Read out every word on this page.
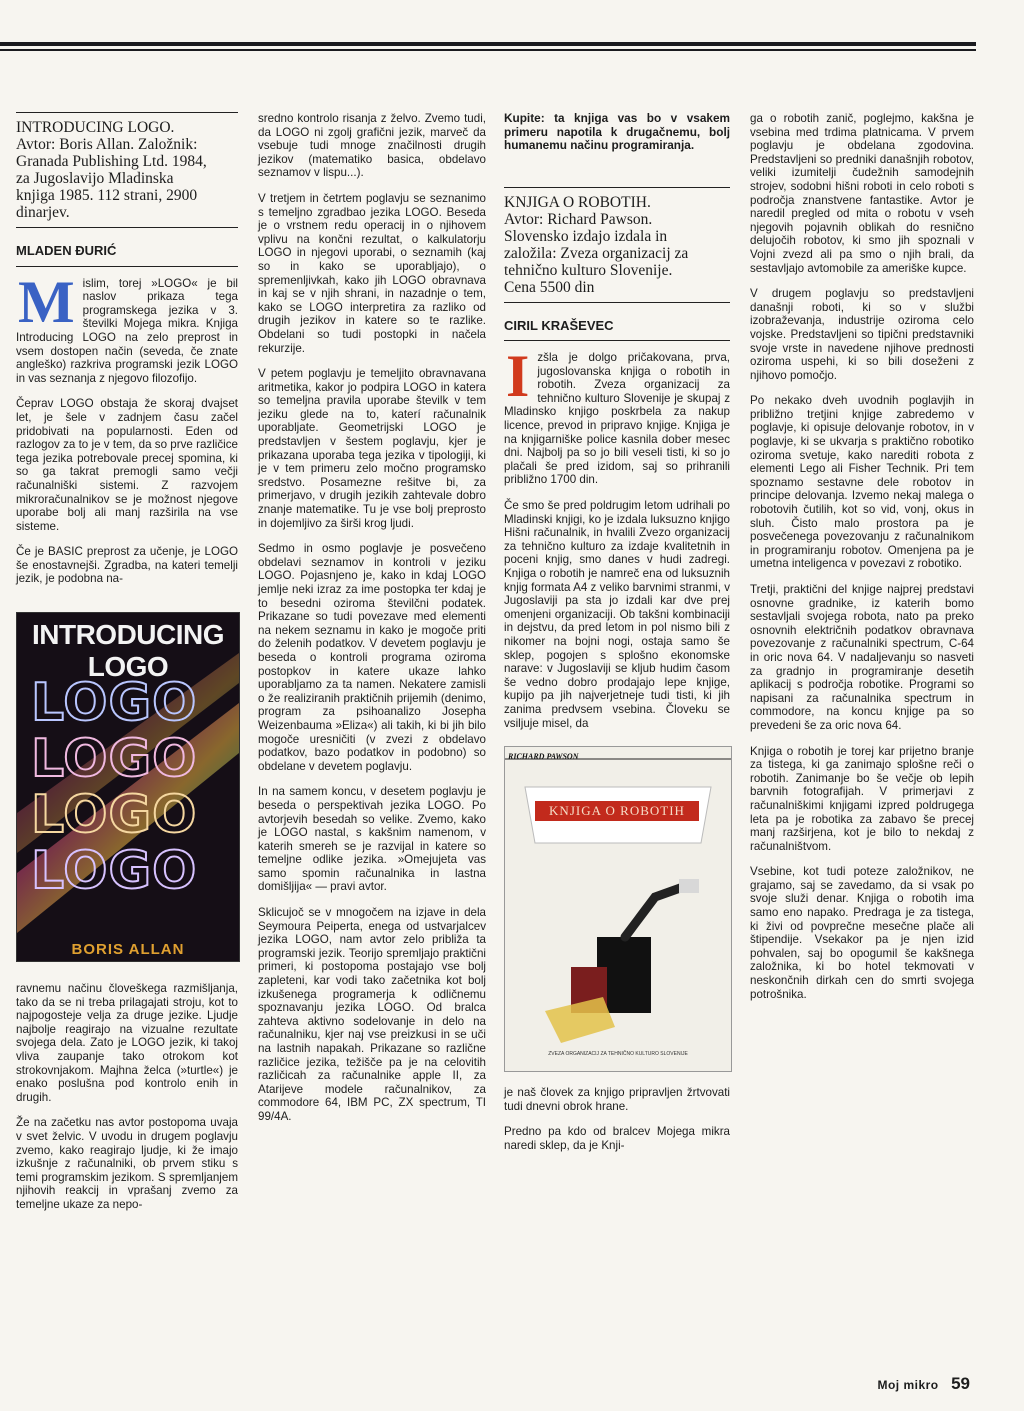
INTRODUCING LOGO.
Avtor: Boris Allan. Založnik:
Granada Publishing Ltd. 1984,
za Jugoslavijo Mladinska
knjiga 1985. 112 strani, 2900
dinarjev.
MLADEN ĐURIĆ

Mislim, torej »LOGO« je bil naslov prikaza tega programskega jezika v 3. številki Mojega mikra. Knjiga Introducing LOGO na zelo preprost in vsem dostopen način (seveda, če znate angleško) razkriva programski jezik LOGO in vas seznanja z njegovo filozofijo.

Čeprav LOGO obstaja že skoraj dvajset let, je šele v zadnjem času začel pridobivati na popularnosti. Eden od razlogov za to je v tem, da so prve različice tega jezika potrebovale precej spomina, ki so ga takrat premogli samo večji računalniški sistemi. Z razvojem mikroračunalnikov se je možnost njegove uporabe bolj ali manj razširila na vse sisteme.

Če je BASIC preprost za učenje, je LOGO še enostavnejši. Zgradba, na kateri temelji jezik, je podobna na-

INTRODUCING
LOGO
LOGO
LOGO
LOGO
LOGO
BORIS ALLAN

ravnemu načinu človeškega razmišljanja, tako da se ni treba prilagajati stroju, kot to najpogosteje velja za druge jezike. Ljudje najbolje reagirajo na vizualne rezultate svojega dela. Zato je LOGO jezik, ki takoj vliva zaupanje tako otrokom kot strokovnjakom. Majhna želca (»turtle«) je enako poslušna pod kontrolo enih in drugih.

Že na začetku nas avtor postopoma uvaja v svet želvic. V uvodu in drugem poglavju zvemo, kako reagirajo ljudje, ki že imajo izkušnje z računalniki, ob prvem stiku s temi programskim jezikom. S spremljanjem njihovih reakcij in vprašanj zvemo za temeljne ukaze za nepo-

sredno kontrolo risanja z želvo. Zvemo tudi, da LOGO ni zgolj grafični jezik, marveč da vsebuje tudi mnoge značilnosti drugih jezikov (matematiko basica, obdelavo seznamov v lispu...).

V tretjem in četrtem poglavju se seznanimo s temeljno zgradbao jezika LOGO. Beseda je o vrstnem redu operacij in o njihovem vplivu na končni rezultat, o kalkulatorju LOGO in njegovi uporabi, o seznamih (kaj so in kako se uporabljajo), o spremenljivkah, kako jih LOGO obravnava in kaj se v njih shrani, in nazadnje o tem, kako se LOGO interpretira za razliko od drugih jezikov in katere so te razlike. Obdelani so tudi postopki in načela rekurzije.

V petem poglavju je temeljito obravnavana aritmetika, kakor jo podpira LOGO in katera so temeljna pravila uporabe številk v tem jeziku glede na to, katerí računalnik uporabljate. Geometrijski LOGO je predstavljen v šestem poglavju, kjer je prikazana uporaba tega jezika v tipologiji, ki je v tem primeru zelo močno programsko sredstvo. Posamezne rešitve bi, za primerjavo, v drugih jezikih zahtevale dobro znanje matematike. Tu je vse bolj preprosto in dojemljivo za širši krog ljudi.

Sedmo in osmo poglavje je posvečeno obdelavi seznamov in kontroli v jeziku LOGO. Pojasnjeno je, kako in kdaj LOGO jemlje neki izraz za ime postopka ter kdaj je to besedni oziroma številčni podatek. Prikazane so tudi povezave med elementi na nekem seznamu in kako je mogoče priti do želenih podatkov. V devetem poglavju je beseda o kontroli programa oziroma postopkov in katere ukaze lahko uporabljamo za ta namen. Nekatere zamisli o že realiziranih praktičnih prijemih (denimo, program za psihoanalizo Josepha Weizenbauma »Eliza«) ali takih, ki bi jih bilo mogoče uresničiti (v zvezi z obdelavo podatkov, bazo podatkov in podobno) so obdelane v devetem poglavju.

In na samem koncu, v desetem poglavju je beseda o perspektivah jezika LOGO. Po avtorjevih besedah so velike. Zvemo, kako je LOGO nastal, s kakšnim namenom, v katerih smereh se je razvijal in katere so temeljne odlike jezika. »Omejujeta vas samo spomin računalnika in lastna domišljija« — pravi avtor.

Sklicujoč se v mnogočem na izjave in dela Seymoura Peiperta, enega od ustvarjalcev jezika LOGO, nam avtor zelo približa ta programski jezik. Teorijo spremljajo praktični primeri, ki postopoma postajajo vse bolj zapleteni, kar vodi tako začetnika kot bolj izkušenega programerja k odličnemu spoznavanju jezika LOGO. Od bralca zahteva aktivno sodelovanje in delo na računalniku, kjer naj vse preizkusi in se uči na lastnih napakah. Prikazane so različne različice jezika, težišče pa je na celovitih različicah za računalnike apple II, za Atarijeve modele računalnikov, za commodore 64, IBM PC, ZX spectrum, TI 99/4A.

Kupite: ta knjiga vas bo v vsakem primeru napotila k drugačnemu, bolj humanemu načinu programiranja.
KNJIGA O ROBOTIH.
Avtor: Richard Pawson.
Slovensko izdajo izdala in
založila: Zveza organizacij za
tehnično kulturo Slovenije.
Cena 5500 din
CIRIL KRAŠEVEC

Izšla je dolgo pričakovana, prva, jugoslovanska knjiga o robotih in robotih. Zveza organizacij za tehnično kulturo Slovenije je skupaj z Mladinsko knjigo poskrbela za nakup licence, prevod in pripravo knjige. Knjiga je na knjigarniške police kasnila dober mesec dni. Najbolj pa so jo bili veseli tisti, ki so jo plačali še pred izidom, saj so prihranili približno 1700 din.

Če smo še pred poldrugim letom udrihali po Mladinski knjigi, ko je izdala luksuzno knjigo Hišni računalnik, in hvalili Zvezo organizacij za tehnično kulturo za izdaje kvalitetnih in poceni knjig, smo danes v hudi zadregi. Knjiga o robotih je namreč ena od luksuznih knjig formata A4 z veliko barvnimi stranmi, v Jugoslaviji pa sta jo izdali kar dve prej omenjeni organizaciji. Ob takšni kombinaciji in dejstvu, da pred letom in pol nismo bili z nikomer na bojni nogi, ostaja samo še sklep, pogojen s splošno ekonomske narave: v Jugoslaviji se kljub hudim časom še vedno dobro prodajajo lepe knjige, kupijo pa jih najverjetneje tudi tisti, ki jih zanima predvsem vsebina. Človeku se vsiljuje misel, da

RICHARD PAWSON
KNJIGA O ROBOTIH
ZVEZA ORGANIZACIJ ZA TEHNIČNO KULTURO SLOVENIJE

je naš človek za knjigo pripravljen žrtvovati tudi dnevni obrok hrane.

Predno pa kdo od bralcev Mojega mikra naredi sklep, da je Knji-

ga o robotih zanič, poglejmo, kakšna je vsebina med trdima platnicama. V prvem poglavju je obdelana zgodovina. Predstavljeni so predniki današnjih robotov, veliki izumitelji čudežnih samodejnih strojev, sodobni hišni roboti in celo roboti s področja znanstvene fantastike. Avtor je naredil pregled od mita o robotu v vseh njegovih pojavnih oblikah do resnično delujočih robotov, ki smo jih spoznali v Vojni zvezd ali pa smo o njih brali, da sestavljajo avtomobile za ameriške kupce.

V drugem poglavju so predstavljeni današnji roboti, ki so v službi izobraževanja, industrije oziroma celo vojske. Predstavljeni so tipični predstavniki svoje vrste in navedene njihove prednosti oziroma uspehi, ki so bili doseženi z njihovo pomočjo.

Po nekako dveh uvodnih poglavjih in približno tretjini knjige zabredemo v poglavje, ki opisuje delovanje robotov, in v poglavje, ki se ukvarja s praktično robotiko oziroma svetuje, kako narediti robota z elementi Lego ali Fisher Technik. Pri tem spoznamo sestavne dele robotov in principe delovanja. Izvemo nekaj malega o robotovih čutilih, kot so vid, vonj, okus in sluh. Čisto malo prostora pa je posvečenega povezovanju z računalnikom in programiranju robotov. Omenjena pa je umetna inteligenca v povezavi z robotiko.

Tretji, praktični del knjige najprej predstavi osnovne gradnike, iz katerih bomo sestavljali svojega robota, nato pa preko osnovnih električnih podatkov obravnava povezovanje z računalniki spectrum, C-64 in oric nova 64. V nadaljevanju so nasveti za gradnjo in programiranje desetih aplikacij s področja robotike. Programi so napisani za računalnika spectrum in commodore, na koncu knjige pa so prevedeni še za oric nova 64.

Knjiga o robotih je torej kar prijetno branje za tistega, ki ga zanimajo splošne reči o robotih. Zanimanje bo še večje ob lepih barvnih fotografijah. V primerjavi z računalniškimi knjigami izpred poldrugega leta pa je robotika za zabavo še precej manj razširjena, kot je bilo to nekdaj z računalništvom.

Vsebine, kot tudi poteze založnikov, ne grajamo, saj se zavedamo, da si vsak po svoje služi denar. Knjiga o robotih ima samo eno napako. Predraga je za tistega, ki živi od povprečne mesečne plače ali štipendije. Vsekakor pa je njen izid pohvalen, saj bo opogumil še kakšnega založnika, ki bo hotel tekmovati v neskončnih dirkah cen do smrti svojega potrošnika.

Moj mikro 59
